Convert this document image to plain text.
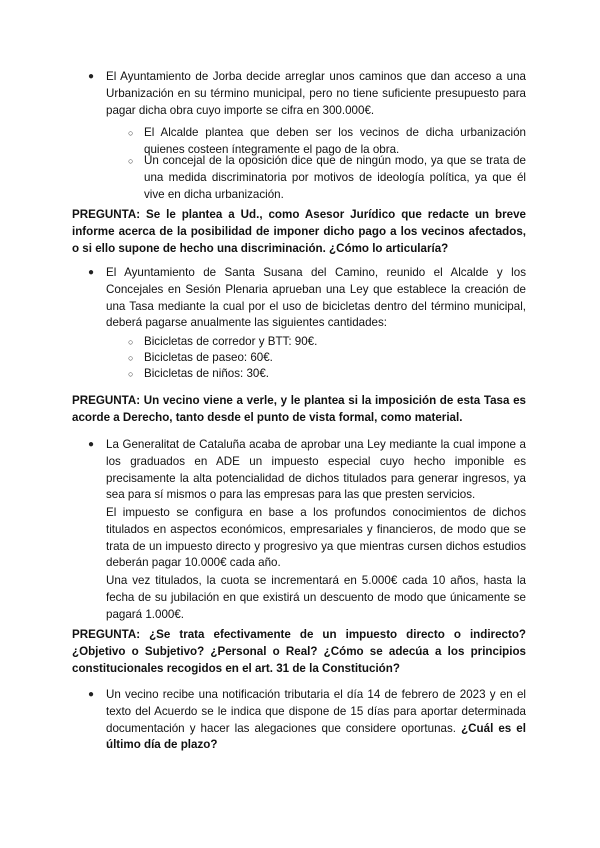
● El Ayuntamiento de Jorba decide arreglar unos caminos que dan acceso a una Urbanización en su término municipal, pero no tiene suficiente presupuesto para pagar dicha obra cuyo importe se cifra en 300.000€.
○ El Alcalde plantea que deben ser los vecinos de dicha urbanización quienes costeen íntegramente el pago de la obra.
○ Un concejal de la oposición dice que de ningún modo, ya que se trata de una medida discriminatoria por motivos de ideología política, ya que él vive en dicha urbanización.
PREGUNTA: Se le plantea a Ud., como Asesor Jurídico que redacte un breve informe acerca de la posibilidad de imponer dicho pago a los vecinos afectados, o si ello supone de hecho una discriminación. ¿Cómo lo articularía?
● El Ayuntamiento de Santa Susana del Camino, reunido el Alcalde y los Concejales en Sesión Plenaria aprueban una Ley que establece la creación de una Tasa mediante la cual por el uso de bicicletas dentro del término municipal, deberá pagarse anualmente las siguientes cantidades:
○ Bicicletas de corredor y BTT: 90€.
○ Bicicletas de paseo: 60€.
○ Bicicletas de niños: 30€.
PREGUNTA: Un vecino viene a verle, y le plantea si la imposición de esta Tasa es acorde a Derecho, tanto desde el punto de vista formal, como material.
● La Generalitat de Cataluña acaba de aprobar una Ley mediante la cual impone a los graduados en ADE un impuesto especial cuyo hecho imponible es precisamente la alta potencialidad de dichos titulados para generar ingresos, ya sea para sí mismos o para las empresas para las que presten servicios.
El impuesto se configura en base a los profundos conocimientos de dichos titulados en aspectos económicos, empresariales y financieros, de modo que se trata de un impuesto directo y progresivo ya que mientras cursen dichos estudios deberán pagar 10.000€ cada año.
Una vez titulados, la cuota se incrementará en 5.000€ cada 10 años, hasta la fecha de su jubilación en que existirá un descuento de modo que únicamente se pagará 1.000€.
PREGUNTA: ¿Se trata efectivamente de un impuesto directo o indirecto? ¿Objetivo o Subjetivo? ¿Personal o Real? ¿Cómo se adecúa a los principios constitucionales recogidos en el art. 31 de la Constitución?
● Un vecino recibe una notificación tributaria el día 14 de febrero de 2023 y en el texto del Acuerdo se le indica que dispone de 15 días para aportar determinada documentación y hacer las alegaciones que considere oportunas. ¿Cuál es el último día de plazo?
